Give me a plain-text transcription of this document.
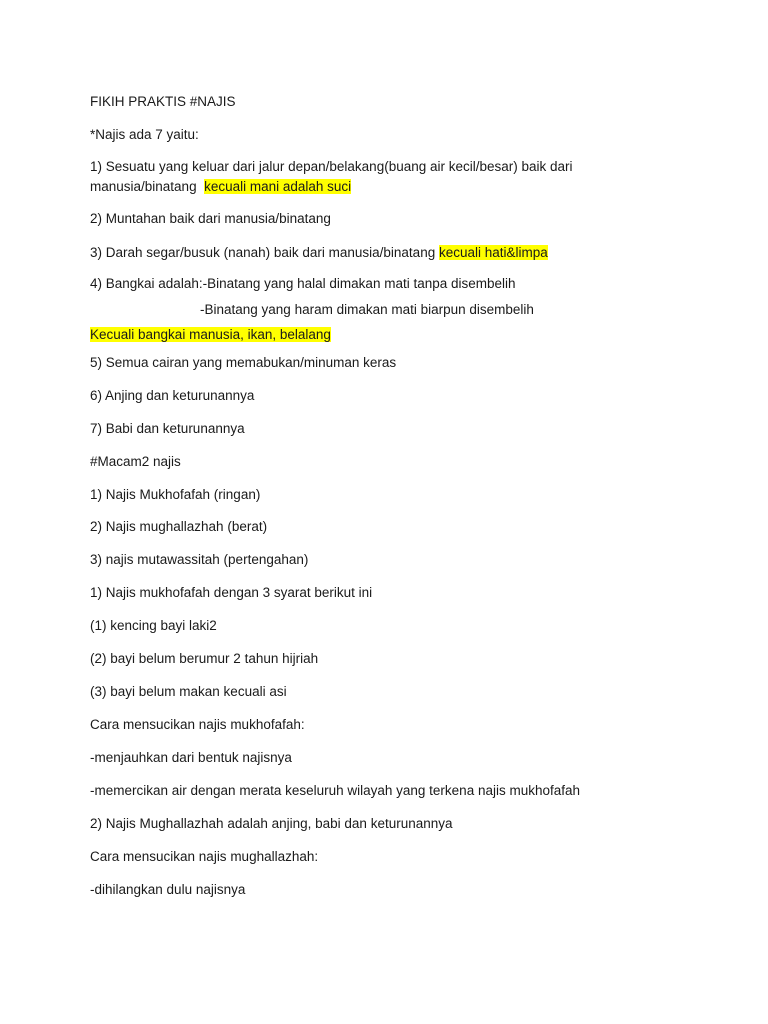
FIKIH PRAKTIS #NAJIS
*Najis ada 7 yaitu:
1) Sesuatu yang keluar dari jalur depan/belakang(buang air kecil/besar) baik dari
manusia/binatang kecuali mani adalah suci
2) Muntahan baik dari manusia/binatang
3) Darah segar/busuk (nanah) baik dari manusia/binatang kecuali hati&limpa
4) Bangkai adalah:-Binatang yang halal dimakan mati tanpa disembelih
-Binatang yang haram dimakan mati biarpun disembelih
Kecuali bangkai manusia, ikan, belalang
5) Semua cairan yang memabukan/minuman keras
6) Anjing dan keturunannya
7) Babi dan keturunannya
#Macam2 najis
1) Najis Mukhofafah (ringan)
2) Najis mughallazhah (berat)
3) najis mutawassitah (pertengahan)
1) Najis mukhofafah dengan 3 syarat berikut ini
(1) kencing bayi laki2
(2) bayi belum berumur 2 tahun hijriah
(3) bayi belum makan kecuali asi
Cara mensucikan najis mukhofafah:
-menjauhkan dari bentuk najisnya
-memercikan air dengan merata keseluruh wilayah yang terkena najis mukhofafah
2) Najis Mughallazhah adalah anjing, babi dan keturunannya
Cara mensucikan najis mughallazhah:
-dihilangkan dulu najisnya
